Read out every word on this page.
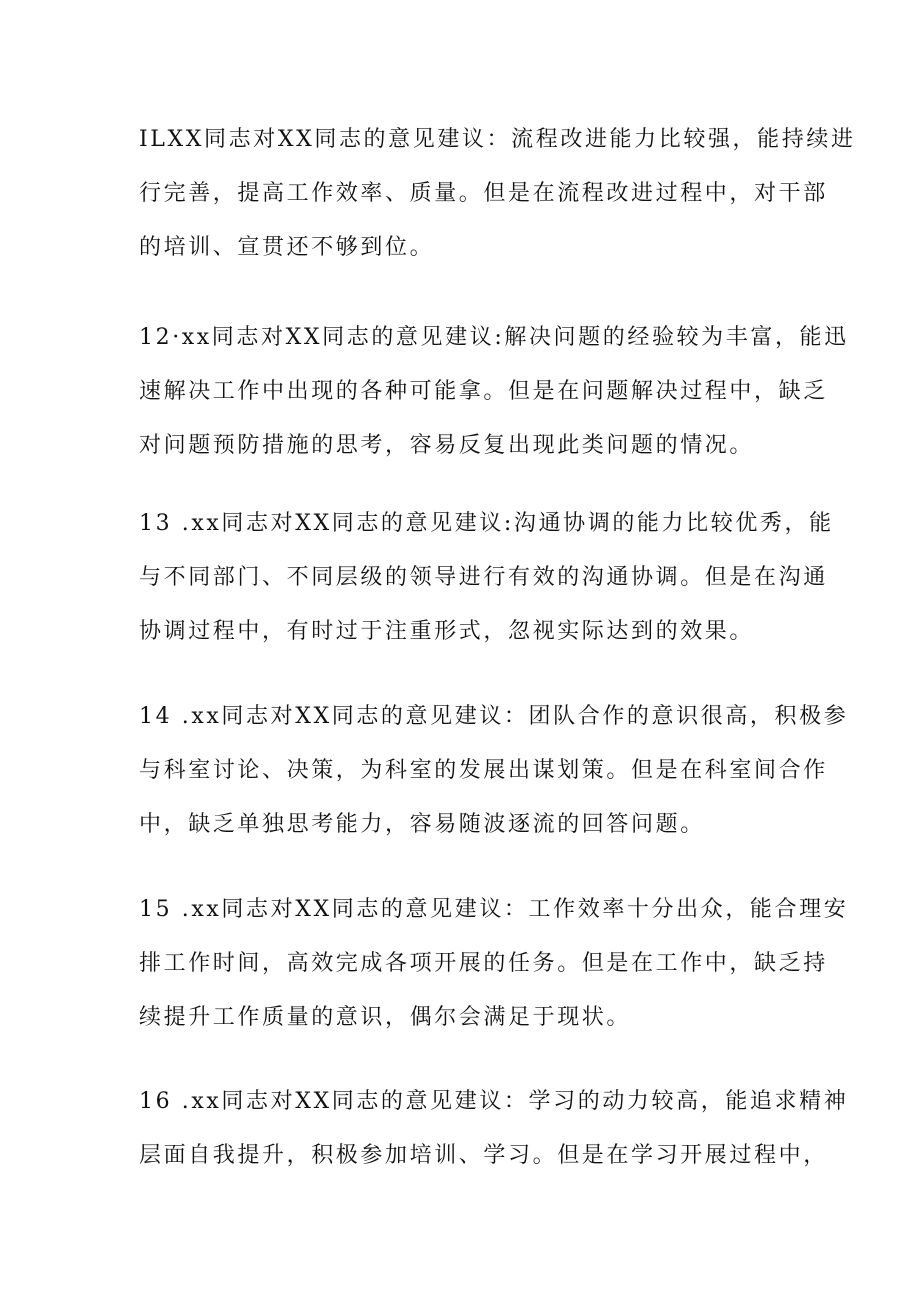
ILXX同志对XX同志的意见建议：流程改进能力比较强，能持续进
行完善，提高工作效率、质量。但是在流程改进过程中，对干部
的培训、宣贯还不够到位。
12·xx同志对XX同志的意见建议:解决问题的经验较为丰富，能迅
速解决工作中出现的各种可能拿。但是在问题解决过程中，缺乏
对问题预防措施的思考，容易反复出现此类问题的情况。
13 .xx同志对XX同志的意见建议:沟通协调的能力比较优秀，能
与不同部门、不同层级的领导进行有效的沟通协调。但是在沟通
协调过程中，有时过于注重形式，忽视实际达到的效果。
14 .xx同志对XX同志的意见建议：团队合作的意识很高，积极参
与科室讨论、决策，为科室的发展出谋划策。但是在科室间合作
中，缺乏单独思考能力，容易随波逐流的回答问题。
15 .xx同志对XX同志的意见建议：工作效率十分出众，能合理安
排工作时间，高效完成各项开展的任务。但是在工作中，缺乏持
续提升工作质量的意识，偶尔会满足于现状。
16 .xx同志对XX同志的意见建议：学习的动力较高，能追求精神
层面自我提升，积极参加培训、学习。但是在学习开展过程中，
